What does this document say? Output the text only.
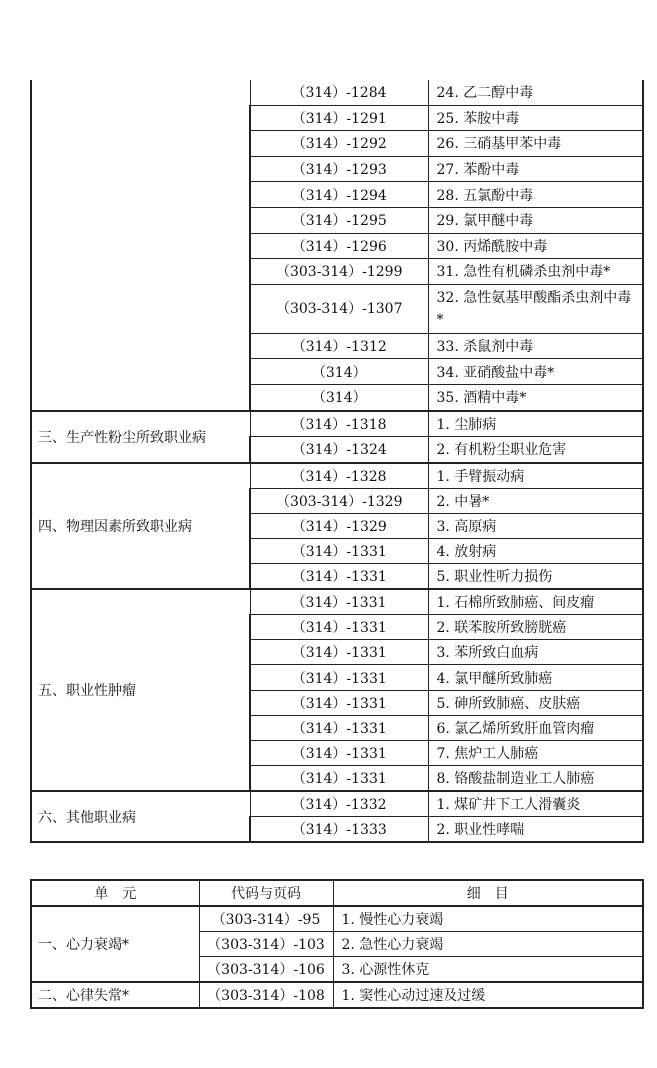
	（314）-1284	24. 乙二醇中毒
	（314）-1291	25. 苯胺中毒
	（314）-1292	26. 三硝基甲苯中毒
	（314）-1293	27. 苯酚中毒
	（314）-1294	28. 五氯酚中毒
	（314）-1295	29. 氯甲醚中毒
	（314）-1296	30. 丙烯酰胺中毒
	（303-314）-1299	31. 急性有机磷杀虫剂中毒*
	（303-314）-1307	32. 急性氨基甲酸酯杀虫剂中毒*
	（314）-1312	33. 杀鼠剂中毒
	（314）	34. 亚硝酸盐中毒*
	（314）	35. 酒精中毒*
三、生产性粉尘所致职业病	（314）-1318	1. 尘肺病
	（314）-1324	2. 有机粉尘职业危害
四、物理因素所致职业病	（314）-1328	1. 手臂振动病
	（303-314）-1329	2. 中暑*
	（314）-1329	3. 高原病
	（314）-1331	4. 放射病
	（314）-1331	5. 职业性听力损伤
五、职业性肿瘤	（314）-1331	1. 石棉所致肺癌、间皮瘤
	（314）-1331	2. 联苯胺所致膀胱癌
	（314）-1331	3. 苯所致白血病
	（314）-1331	4. 氯甲醚所致肺癌
	（314）-1331	5. 砷所致肺癌、皮肤癌
	（314）-1331	6. 氯乙烯所致肝血管肉瘤
	（314）-1331	7. 焦炉工人肺癌
	（314）-1331	8. 铬酸盐制造业工人肺癌
六、其他职业病	（314）-1332	1. 煤矿井下工人滑囊炎
	（314）-1333	2. 职业性哮喘
单　元	代码与页码	细　目
一、心力衰竭*	（303-314）-95	1. 慢性心力衰竭
	（303-314）-103	2. 急性心力衰竭
	（303-314）-106	3. 心源性休克
二、心律失常*	（303-314）-108	1. 窦性心动过速及过缓
